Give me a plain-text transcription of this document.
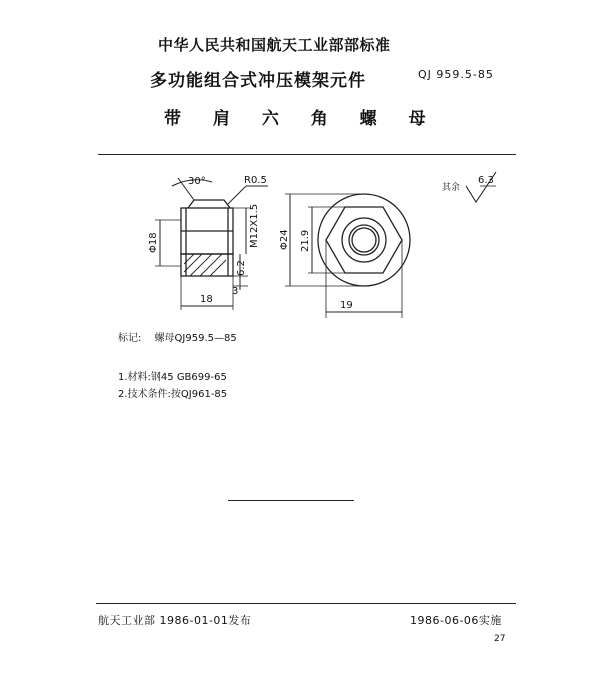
中华人民共和国航天工业部部标准
QJ 959.5-85
多功能组合式冲压模架元件
带 肩 六 角 螺 母
30°	R0.5
M12X1.5
Φ18	Φ24 21.9
6.2
3
18
19
其余
6.3
标记: 螺母QJ959.5—85
1.材料:钢45 GB699-65
2.技术条件:按QJ961-85
航天工业部 1986-01-01发布	1986-06-06实施
27
